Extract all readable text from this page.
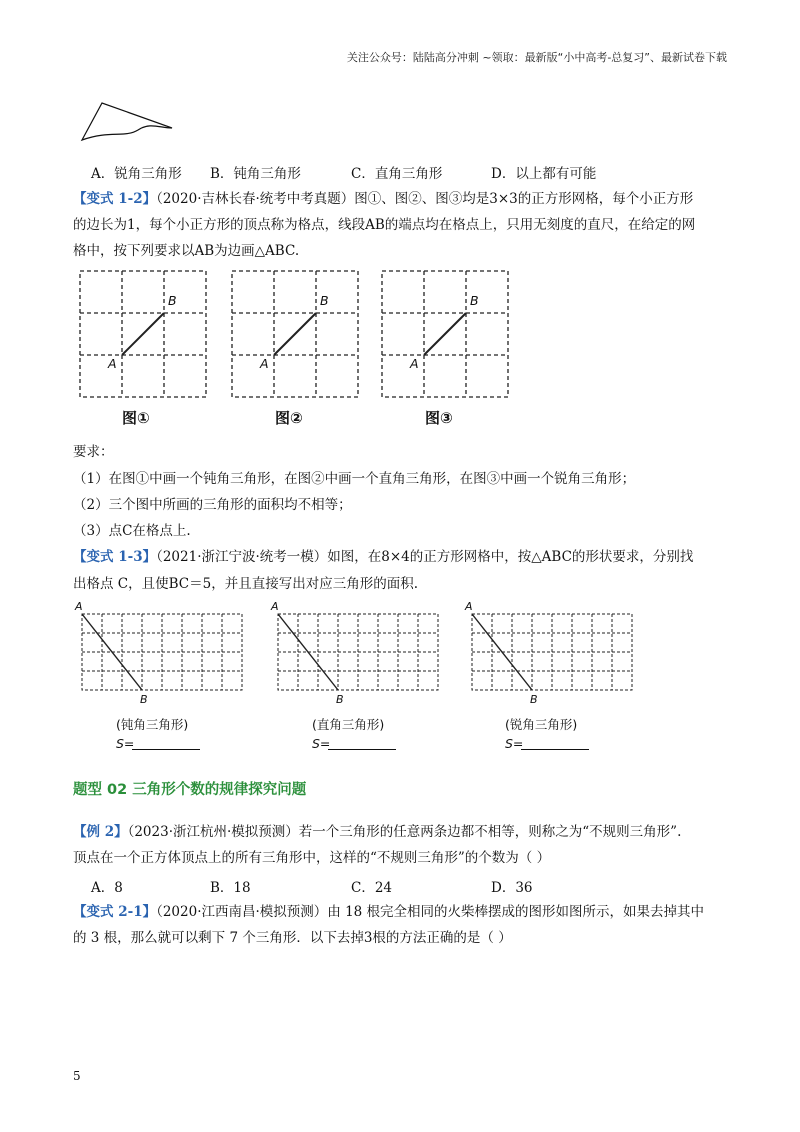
关注公众号：陆陆高分冲刺 ~领取：最新版“小中高考-总复习”、最新试卷下载
A．锐角三角形 B．钝角三角形	C．直角三角形	D．以上都有可能
【变式 1-2】（2020·吉林长春·统考中考真题）图①、图②、图③均是3×3的正方形网格，每个小正方形
的边长为1，每个小正方形的顶点称为格点，线段AB的端点均在格点上，只用无刻度的直尺，在给定的网
格中，按下列要求以AB为边画△ABC.
A
B
A
B
A
B
图①	图②	图③
要求：
（1）在图①中画一个钝角三角形，在图②中画一个直角三角形，在图③中画一个锐角三角形；
（2）三个图中所画的三角形的面积均不相等；
（3）点C在格点上.
【变式 1-3】（2021·浙江宁波·统考一模）如图，在8×4的正方形网格中，按△ABC的形状要求，分别找
出格点 C，且使BC＝5，并且直接写出对应三角形的面积.
A
B
A
B
A
B
(钝角三角形)	(直角三角形)	(锐角三角形)
S=	S=	S=
题型 02 三角形个数的规律探究问题
【例 2】（2023·浙江杭州·模拟预测）若一个三角形的任意两条边都不相等，则称之为“不规则三角形”.
顶点在一个正方体顶点上的所有三角形中，这样的“不规则三角形”的个数为（ ）
A．8	B．18	C．24	D．36
【变式 2-1】（2020·江西南昌·模拟预测）由 18 根完全相同的火柴棒摆成的图形如图所示，如果去掉其中
的 3 根，那么就可以剩下 7 个三角形．以下去掉3根的方法正确的是（ ）
5
